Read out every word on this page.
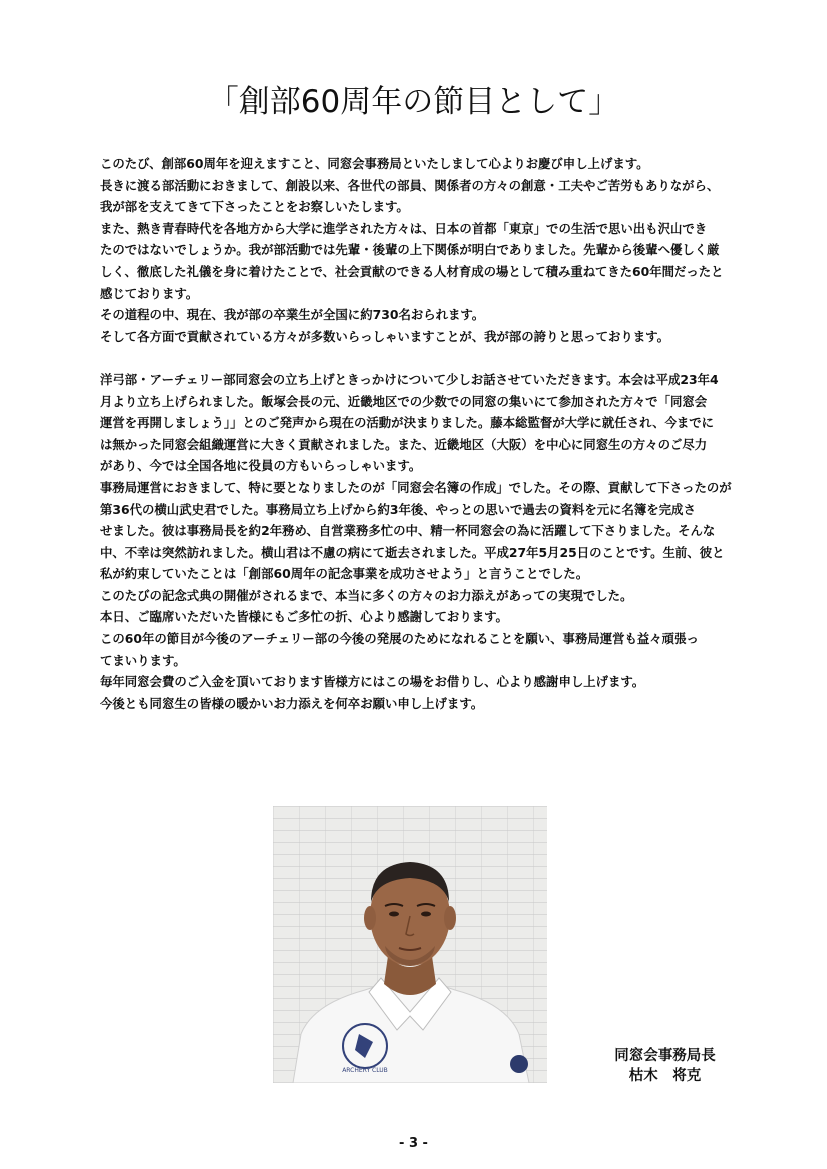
「創部60周年の節目として」

このたび、創部60周年を迎えますこと、同窓会事務局といたしまして心よりお慶び申し上げます。

長きに渡る部活動におきまして、創設以来、各世代の部員、関係者の方々の創意・工夫やご苦労もありながら、

我が部を支えてきて下さったことをお察しいたします。

また、熱き青春時代を各地方から大学に進学された方々は、日本の首都「東京」での生活で思い出も沢山でき

たのではないでしょうか。我が部活動では先輩・後輩の上下関係が明白でありました。先輩から後輩へ優しく厳

しく、徹底した礼儀を身に着けたことで、社会貢献のできる人材育成の場として積み重ねてきた60年間だったと

感じております。

その道程の中、現在、我が部の卒業生が全国に約730名おられます。

そして各方面で貢献されている方々が多数いらっしゃいますことが、我が部の誇りと思っております。

洋弓部・アーチェリー部同窓会の立ち上げときっかけについて少しお話させていただきます。本会は平成23年4

月より立ち上げられました。飯塚会長の元、近畿地区での少数での同窓の集いにて参加された方々で「同窓会

運営を再開しましょう」」とのご発声から現在の活動が決まりました。藤本総監督が大学に就任され、今までに

は無かった同窓会組織運営に大きく貢献されました。また、近畿地区（大阪）を中心に同窓生の方々のご尽力

があり、今では全国各地に役員の方もいらっしゃいます。

事務局運営におきまして、特に要となりましたのが「同窓会名簿の作成」でした。その際、貢献して下さったのが

第36代の横山武史君でした。事務局立ち上げから約3年後、やっとの思いで過去の資料を元に名簿を完成さ

せました。彼は事務局長を約2年務め、自営業務多忙の中、精一杯同窓会の為に活躍して下さりました。そんな

中、不幸は突然訪れました。横山君は不慮の病にて逝去されました。平成27年5月25日のことです。生前、彼と

私が約束していたことは「創部60周年の記念事業を成功させよう」と言うことでした。

このたびの記念式典の開催がされるまで、本当に多くの方々のお力添えがあっての実現でした。

本日、ご臨席いただいた皆様にもご多忙の折、心より感謝しております。

この60年の節目が今後のアーチェリー部の今後の発展のためになれることを願い、事務局運営も益々頑張っ

てまいります。

毎年同窓会費のご入金を頂いております皆様方にはこの場をお借りし、心より感謝申し上げます。

今後とも同窓生の皆様の暖かいお力添えを何卒お願い申し上げます。

ARCHERY CLUB
同窓会事務局長
枯木　将克
- 3 -
